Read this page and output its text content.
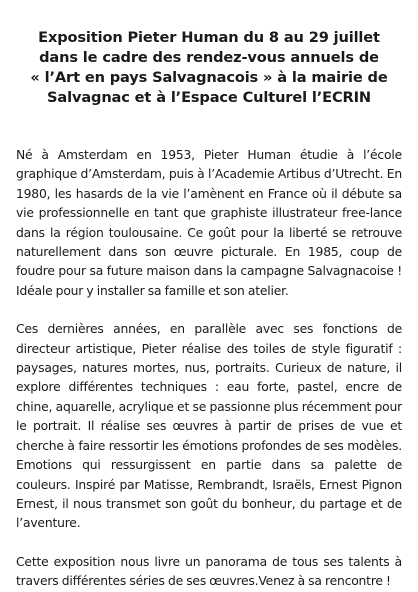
Exposition Pieter Human du 8 au 29 juillet
dans le cadre des rendez-vous annuels de
« l’Art en pays Salvagnacois » à la mairie de
Salvagnac et à l’Espace Culturel l’ECRIN

Né à Amsterdam en 1953, Pieter Human étudie à l’école graphique d’Amsterdam, puis à l’Academie Artibus d’Utrecht. En 1980, les hasards de la vie l’amènent en France où il débute sa vie professionnelle en tant que graphiste illustrateur free-lance dans la région toulousaine. Ce goût pour la liberté se retrouve naturellement dans son œuvre picturale. En 1985, coup de foudre pour sa future maison dans la campagne Salvagnacoise ! Idéale pour y installer sa famille et son atelier.

Ces dernières années, en parallèle avec ses fonctions de directeur artistique, Pieter réalise des toiles de style figuratif : paysages, natures mortes, nus, portraits. Curieux de nature, il explore différentes techniques : eau forte, pastel, encre de chine, aquarelle, acrylique et se passionne plus récemment pour le portrait. Il réalise ses œuvres à partir de prises de vue et cherche à faire ressortir les émotions profondes de ses modèles. Emotions qui ressurgissent en partie dans sa palette de couleurs. Inspiré par Matisse, Rembrandt, Israëls, Ernest Pignon Ernest, il nous transmet son goût du bonheur, du partage et de l’aventure.

Cette exposition nous livre un panorama de tous ses talents à travers différentes séries de ses œuvres.Venez à sa rencontre !
